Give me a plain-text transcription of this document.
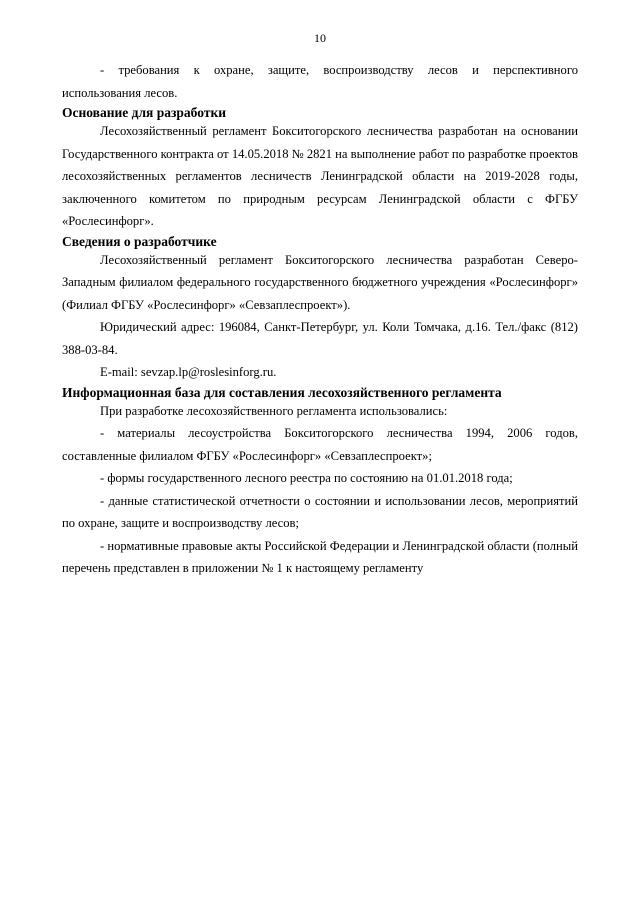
10

- требования к охране, защите, воспроизводству лесов и перспективного

использования лесов.

Основание для разработки

Лесохозяйственный регламент Бокситогорского лесничества разработан на основании Государственного контракта от 14.05.2018 № 2821 на выполнение работ по разработке проектов лесохозяйственных регламентов лесничеств Ленинградской области на 2019-2028 годы, заключенного комитетом по природным ресурсам Ленинградской области с ФГБУ «Рослесинфорг».

Сведения о разработчике

Лесохозяйственный регламент Бокситогорского лесничества разработан Северо-Западным филиалом федерального государственного бюджетного учреждения «Рослесинфорг» (Филиал ФГБУ «Рослесинфорг» «Севзаплеспроект»).

Юридический адрес: 196084, Санкт-Петербург, ул. Коли Томчака, д.16. Тел./факс (812) 388-03-84.

E-mail: sevzap.lp@roslesinforg.ru.

Информационная база для составления лесохозяйственного регламента

При разработке лесохозяйственного регламента использовались:

- материалы лесоустройства Бокситогорского лесничества 1994, 2006 годов, составленные филиалом ФГБУ «Рослесинфорг» «Севзаплеспроект»;

- формы государственного лесного реестра по состоянию на 01.01.2018 года;

- данные статистической отчетности о состоянии и использовании лесов, мероприятий по охране, защите и воспроизводству лесов;

- нормативные правовые акты Российской Федерации и Ленинградской области (полный перечень представлен в приложении № 1 к настоящему регламенту
